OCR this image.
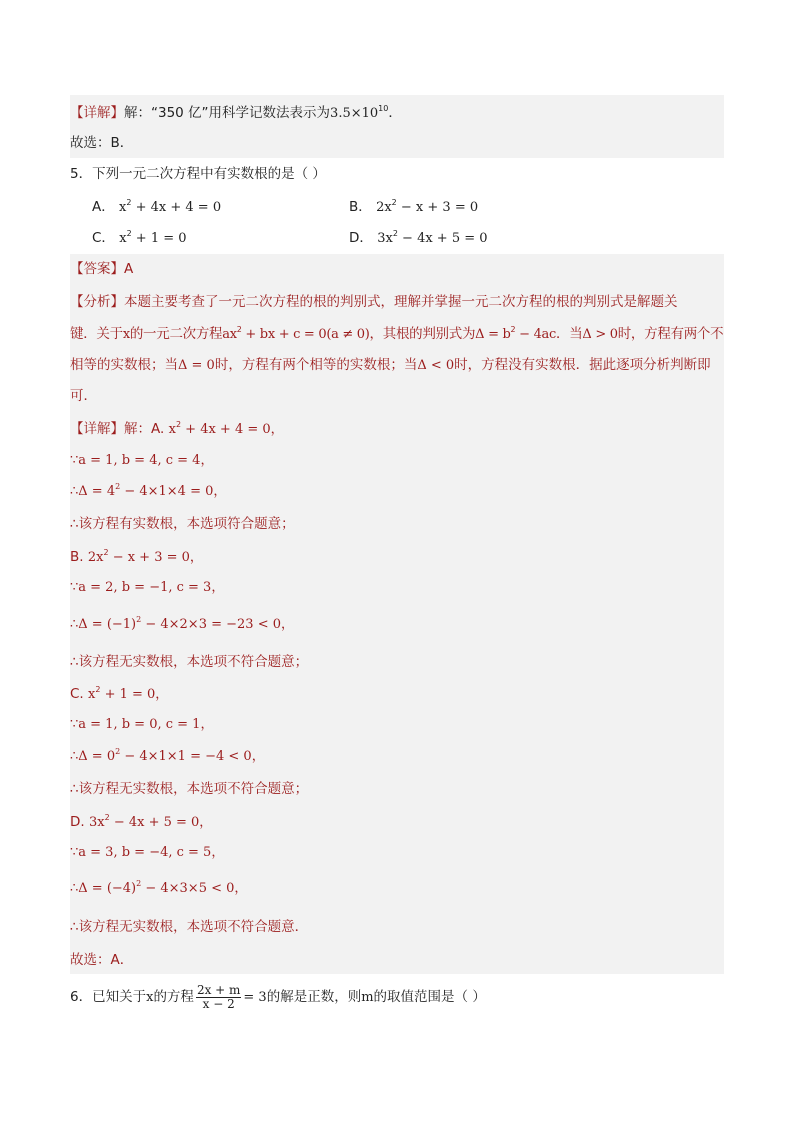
【详解】解：“350 亿”用科学记数法表示为$3.5\times 10^{10}$．
故选：B．
5．下列一元二次方程中有实数根的是（ ）
A． $x^2 + 4x + 4 = 0$	B． $2x^2 - x + 3 = 0$
C． $x^2 + 1 = 0$	D． $3x^2 - 4x + 5 = 0$
【答案】A
【分析】本题主要考查了一元二次方程的根的判别式，理解并掌握一元二次方程的根的判别式是解题关
键．关于x的一元二次方程$ax^2$ + bx + c = 0(a ≠ 0)，其根的判别式为$\Delta = b^2 - 4ac$．当Δ > 0时，方程有两个不
相等的实数根；当Δ = 0时，方程有两个相等的实数根；当Δ < 0时，方程没有实数根．据此逐项分析判断即
可．
【详解】解：A. $x^2 + 4x + 4 = 0$，
∵a = 1, b = 4, c = 4，
∴Δ = $4^2 - 4\times 1\times 4 = 0$，
∴该方程有实数根，本选项符合题意；
B. $2x^2 - x + 3 = 0$，
∵a = 2, b = −1, c = 3，
∴Δ = $(-1)^2 - 4\times 2\times 3 = -23 < 0$，
∴该方程无实数根，本选项不符合题意；
C. $x^2 + 1 = 0$，
∵a = 1, b = 0, c = 1，
∴Δ = $0^2 - 4\times 1\times 1 = -4 < 0$，
∴该方程无实数根，本选项不符合题意；
D. $3x^2 - 4x + 5 = 0$，
∵a = 3, b = −4, c = 5，
∴Δ = $(-4)^2 - 4\times 3\times 5 < 0$，
∴该方程无实数根，本选项不符合题意．
故选：A．
6．已知关于x的方程 $\frac{2x + m}{x - 2} = 3$的解是正数，则m的取值范围是（ ）
